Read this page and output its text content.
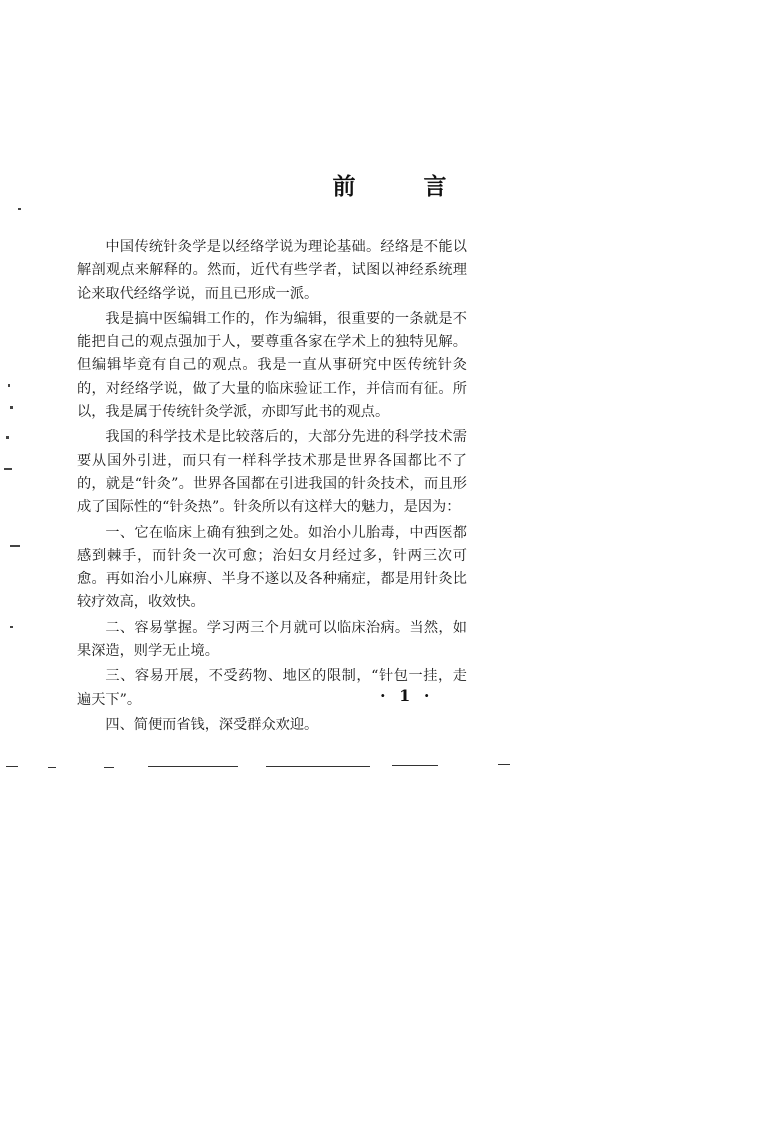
前 言

中国传统针灸学是以经络学说为理论基础。经络是不能以解剖观点来解释的。然而，近代有些学者，试图以神经系统理论来取代经络学说，而且已形成一派。

我是搞中医编辑工作的，作为编辑，很重要的一条就是不能把自己的观点强加于人，要尊重各家在学术上的独特见解。但编辑毕竟有自己的观点。我是一直从事研究中医传统针灸的，对经络学说，做了大量的临床验证工作，并信而有征。所以，我是属于传统针灸学派，亦即写此书的观点。

我国的科学技术是比较落后的，大部分先进的科学技术需要从国外引进，而只有一样科学技术那是世界各国都比不了的，就是“针灸”。世界各国都在引进我国的针灸技术，而且形成了国际性的“针灸热”。针灸所以有这样大的魅力，是因为：

一、它在临床上确有独到之处。如治小儿胎毒，中西医都感到棘手，而针灸一次可愈；治妇女月经过多，针两三次可愈。再如治小儿麻痹、半身不遂以及各种痛症，都是用针灸比较疗效高，收效快。

二、容易掌握。学习两三个月就可以临床治病。当然，如果深造，则学无止境。

三、容易开展，不受药物、地区的限制，“针包一挂，走遍天下”。

四、简便而省钱，深受群众欢迎。

· 1 ·
